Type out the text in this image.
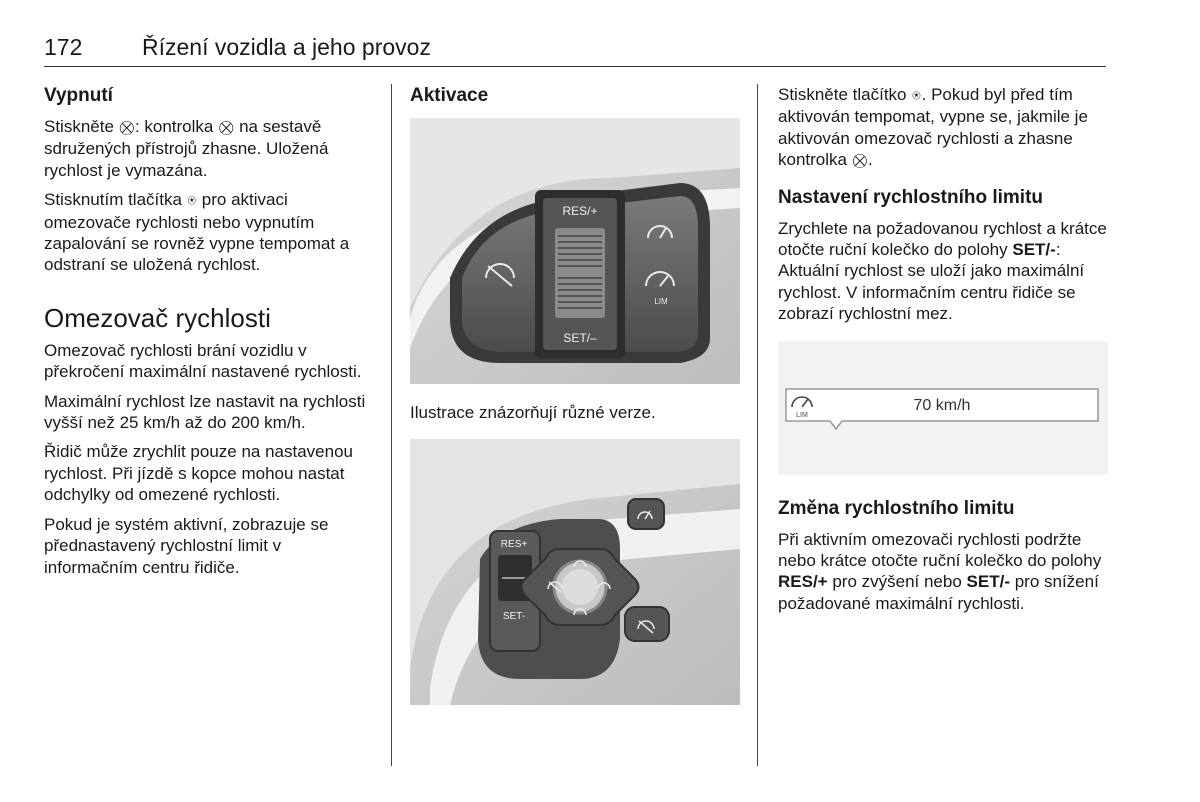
172	Řízení vozidla a jeho provoz
Vypnutí

Stiskněte ⛒: kontrolka ⛒ na sestavě sdružených přístrojů zhasne. Uložená rychlost je vymazána.

Stisknutím tlačítka ⍟ pro aktivaci omezovače rychlosti nebo vypnutím zapalování se rovněž vypne tempomat a odstraní se uložená rychlost.

Omezovač rychlosti

Omezovač rychlosti brání vozidlu v překročení maximální nastavené rychlosti.

Maximální rychlost lze nastavit na rychlosti vyšší než 25 km/h až do 200 km/h.

Řidič může zrychlit pouze na nastavenou rychlost. Při jízdě s kopce mohou nastat odchylky od omezené rychlosti.

Pokud je systém aktivní, zobrazuje se přednastavený rychlostní limit v informačním centru řidiče.

Aktivace
RES/+
SET/–
LIM

Ilustrace znázorňují různé verze.

RES+
SET-

Stiskněte tlačítko ⍟. Pokud byl před tím aktivován tempomat, vypne se, jakmile je aktivován omezovač rychlosti a zhasne kontrolka ⛒.

Nastavení rychlostního limitu

Zrychlete na požadovanou rychlost a krátce otočte ruční kolečko do polohy SET/-: Aktuální rychlost se uloží jako maximální rychlost. V informačním centru řidiče se zobrazí rychlostní mez.

LIM
70 km/h
Změna rychlostního limitu

Při aktivním omezovači rychlosti podržte nebo krátce otočte ruční kolečko do polohy RES/+ pro zvýšení nebo SET/- pro snížení požadované maximální rychlosti.
